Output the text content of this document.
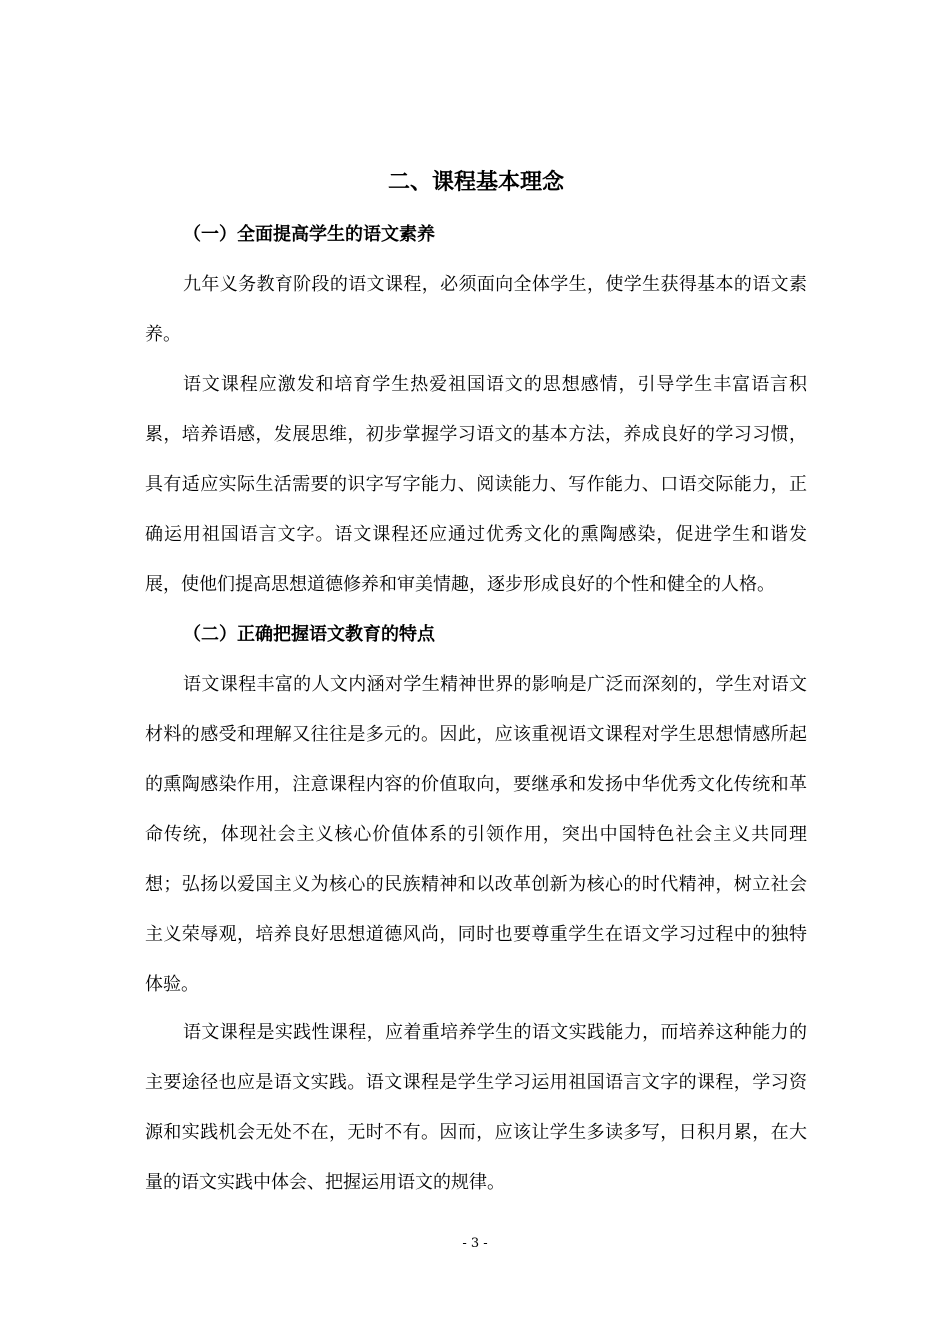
二、课程基本理念
（一）全面提高学生的语文素养

九年义务教育阶段的语文课程，必须面向全体学生，使学生获得基本的语文素养。

语文课程应激发和培育学生热爱祖国语文的思想感情，引导学生丰富语言积累，培养语感，发展思维，初步掌握学习语文的基本方法，养成良好的学习习惯，具有适应实际生活需要的识字写字能力、阅读能力、写作能力、口语交际能力，正确运用祖国语言文字。语文课程还应通过优秀文化的熏陶感染，促进学生和谐发展，使他们提高思想道德修养和审美情趣，逐步形成良好的个性和健全的人格。

（二）正确把握语文教育的特点

语文课程丰富的人文内涵对学生精神世界的影响是广泛而深刻的，学生对语文材料的感受和理解又往往是多元的。因此，应该重视语文课程对学生思想情感所起的熏陶感染作用，注意课程内容的价值取向，要继承和发扬中华优秀文化传统和革命传统，体现社会主义核心价值体系的引领作用，突出中国特色社会主义共同理想；弘扬以爱国主义为核心的民族精神和以改革创新为核心的时代精神，树立社会主义荣辱观，培养良好思想道德风尚，同时也要尊重学生在语文学习过程中的独特体验。

语文课程是实践性课程，应着重培养学生的语文实践能力，而培养这种能力的主要途径也应是语文实践。语文课程是学生学习运用祖国语言文字的课程，学习资源和实践机会无处不在，无时不有。因而，应该让学生多读多写，日积月累，在大量的语文实践中体会、把握运用语文的规律。

- 3 -
